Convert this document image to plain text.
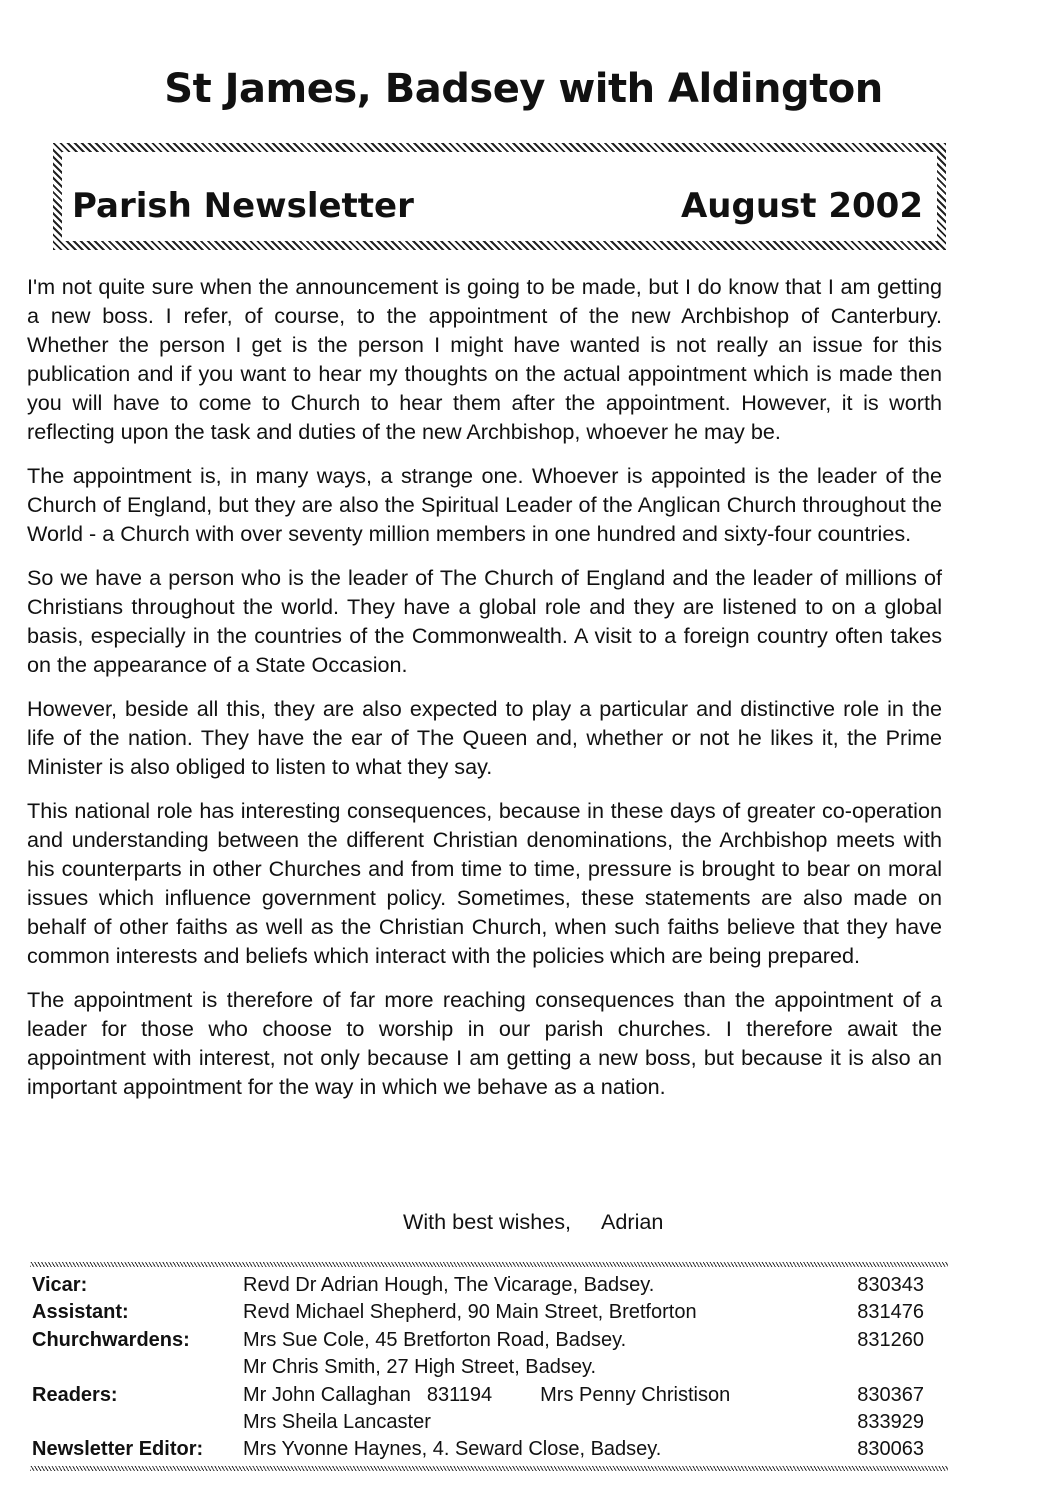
St James, Badsey with Aldington
Parish Newsletter	August 2002

I'm not quite sure when the announcement is going to be made, but I do know that I am getting a new boss. I refer, of course, to the appointment of the new Archbishop of Canterbury. Whether the person I get is the person I might have wanted is not really an issue for this publication and if you want to hear my thoughts on the actual appointment which is made then you will have to come to Church to hear them after the appointment. However, it is worth reflecting upon the task and duties of the new Archbishop, whoever he may be.

The appointment is, in many ways, a strange one. Whoever is appointed is the leader of the Church of England, but they are also the Spiritual Leader of the Anglican Church throughout the World - a Church with over seventy million members in one hundred and sixty-four countries.

So we have a person who is the leader of The Church of England and the leader of millions of Christians throughout the world. They have a global role and they are listened to on a global basis, especially in the countries of the Commonwealth. A visit to a foreign country often takes on the appearance of a State Occasion.

However, beside all this, they are also expected to play a particular and distinctive role in the life of the nation. They have the ear of The Queen and, whether or not he likes it, the Prime Minister is also obliged to listen to what they say.

This national role has interesting consequences, because in these days of greater co-operation and understanding between the different Christian denominations, the Archbishop meets with his counterparts in other Churches and from time to time, pressure is brought to bear on moral issues which influence government policy. Sometimes, these statements are also made on behalf of other faiths as well as the Christian Church, when such faiths believe that they have common interests and beliefs which interact with the policies which are being prepared.

The appointment is therefore of far more reaching consequences than the appointment of a leader for those who choose to worship in our parish churches. I therefore await the appointment with interest, not only because I am getting a new boss, but because it is also an important appointment for the way in which we behave as a nation.

With best wishes, Adrian
Vicar:	Revd Dr Adrian Hough, The Vicarage, Badsey.	830343
Assistant:	Revd Michael Shepherd, 90 Main Street, Bretforton	831476
Churchwardens:	Mrs Sue Cole, 45 Bretforton Road, Badsey.	831260
	Mr Chris Smith, 27 High Street, Badsey.	
Readers:	Mr John Callaghan 831194 Mrs Penny Christison	830367
	Mrs Sheila Lancaster	833929
Newsletter Editor:	Mrs Yvonne Haynes, 4. Seward Close, Badsey.	830063
